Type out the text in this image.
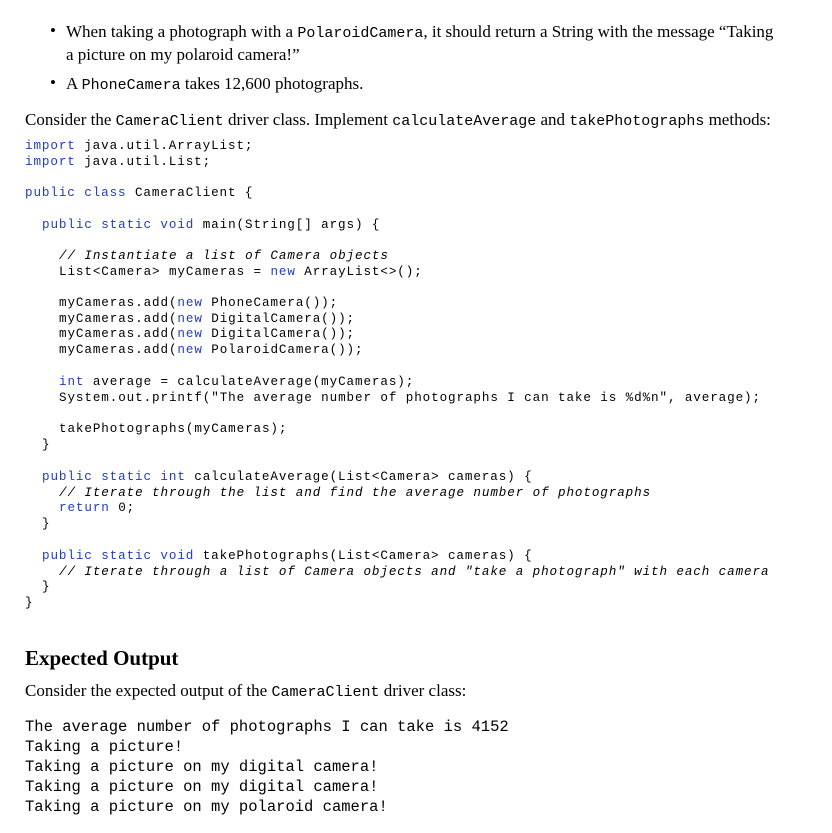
• When taking a photograph with a PolaroidCamera, it should return a String with the message “Taking
a picture on my polaroid camera!”
• A PhoneCamera takes 12,600 photographs.
Consider the CameraClient driver class. Implement calculateAverage and takePhotographs methods:
import java.util.ArrayList;
import java.util.List;
public class CameraClient {
public static void main(String[] args) {
// Instantiate a list of Camera objects
List<Camera> myCameras = new ArrayList<>();
myCameras.add(new PhoneCamera());
myCameras.add(new DigitalCamera());
myCameras.add(new DigitalCamera());
myCameras.add(new PolaroidCamera());
int average = calculateAverage(myCameras);
System.out.printf("The average number of photographs I can take is %d%n", average);
takePhotographs(myCameras);
}
public static int calculateAverage(List<Camera> cameras) {
// Iterate through the list and find the average number of photographs
return 0;
}
public static void takePhotographs(List<Camera> cameras) {
// Iterate through a list of Camera objects and "take a photograph" with each camera
}
}
Expected Output
Consider the expected output of the CameraClient driver class:
The average number of photographs I can take is 4152
Taking a picture!
Taking a picture on my digital camera!
Taking a picture on my digital camera!
Taking a picture on my polaroid camera!
